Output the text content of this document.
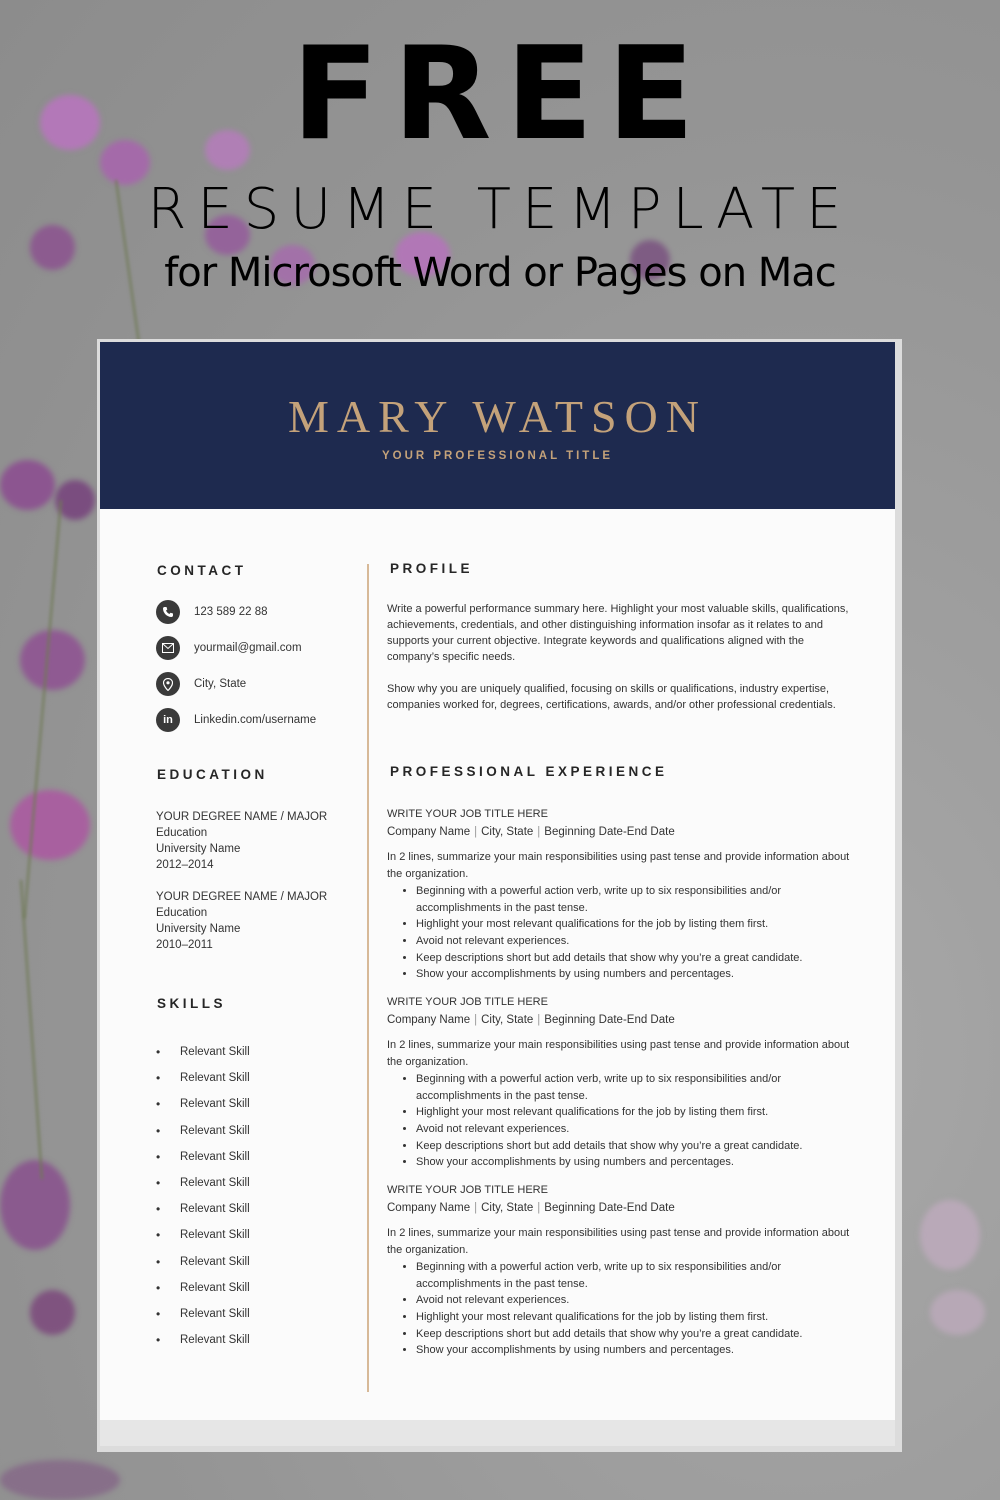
FREE
RESUME TEMPLATE
for Microsoft Word or Pages on Mac
MARY WATSON
YOUR PROFESSIONAL TITLE
CONTACT
123 589 22 88
yourmail@gmail.com
City, State
in	Linkedin.com/username
EDUCATION
YOUR DEGREE NAME / MAJOR
Education
University Name
2012–2014
YOUR DEGREE NAME / MAJOR
Education
University Name
2010–2011
SKILLS
• Relevant Skill
• Relevant Skill
• Relevant Skill
• Relevant Skill
• Relevant Skill
• Relevant Skill
• Relevant Skill
• Relevant Skill
• Relevant Skill
• Relevant Skill
• Relevant Skill
• Relevant Skill
PROFILE
Write a powerful performance summary here. Highlight your most valuable skills, qualifications, achievements, credentials, and other distinguishing information insofar as it relates to and supports your current objective. Integrate keywords and qualifications aligned with the company’s specific needs.
Show why you are uniquely qualified, focusing on skills or qualifications, industry expertise, companies worked for, degrees, certifications, awards, and/or other professional credentials.
PROFESSIONAL EXPERIENCE
WRITE YOUR JOB TITLE HERE
Company Name | City, State | Beginning Date-End Date
In 2 lines, summarize your main responsibilities using past tense and provide information about the organization.
• Beginning with a powerful action verb, write up to six responsibilities and/or accomplishments in the past tense.
• Highlight your most relevant qualifications for the job by listing them first.
• Avoid not relevant experiences.
• Keep descriptions short but add details that show why you’re a great candidate.
• Show your accomplishments by using numbers and percentages.
WRITE YOUR JOB TITLE HERE
Company Name | City, State | Beginning Date-End Date
In 2 lines, summarize your main responsibilities using past tense and provide information about the organization.
• Beginning with a powerful action verb, write up to six responsibilities and/or accomplishments in the past tense.
• Highlight your most relevant qualifications for the job by listing them first.
• Avoid not relevant experiences.
• Keep descriptions short but add details that show why you’re a great candidate.
• Show your accomplishments by using numbers and percentages.
WRITE YOUR JOB TITLE HERE
Company Name | City, State | Beginning Date-End Date
In 2 lines, summarize your main responsibilities using past tense and provide information about the organization.
• Beginning with a powerful action verb, write up to six responsibilities and/or accomplishments in the past tense.
• Avoid not relevant experiences.
• Highlight your most relevant qualifications for the job by listing them first.
• Keep descriptions short but add details that show why you’re a great candidate.
• Show your accomplishments by using numbers and percentages.
